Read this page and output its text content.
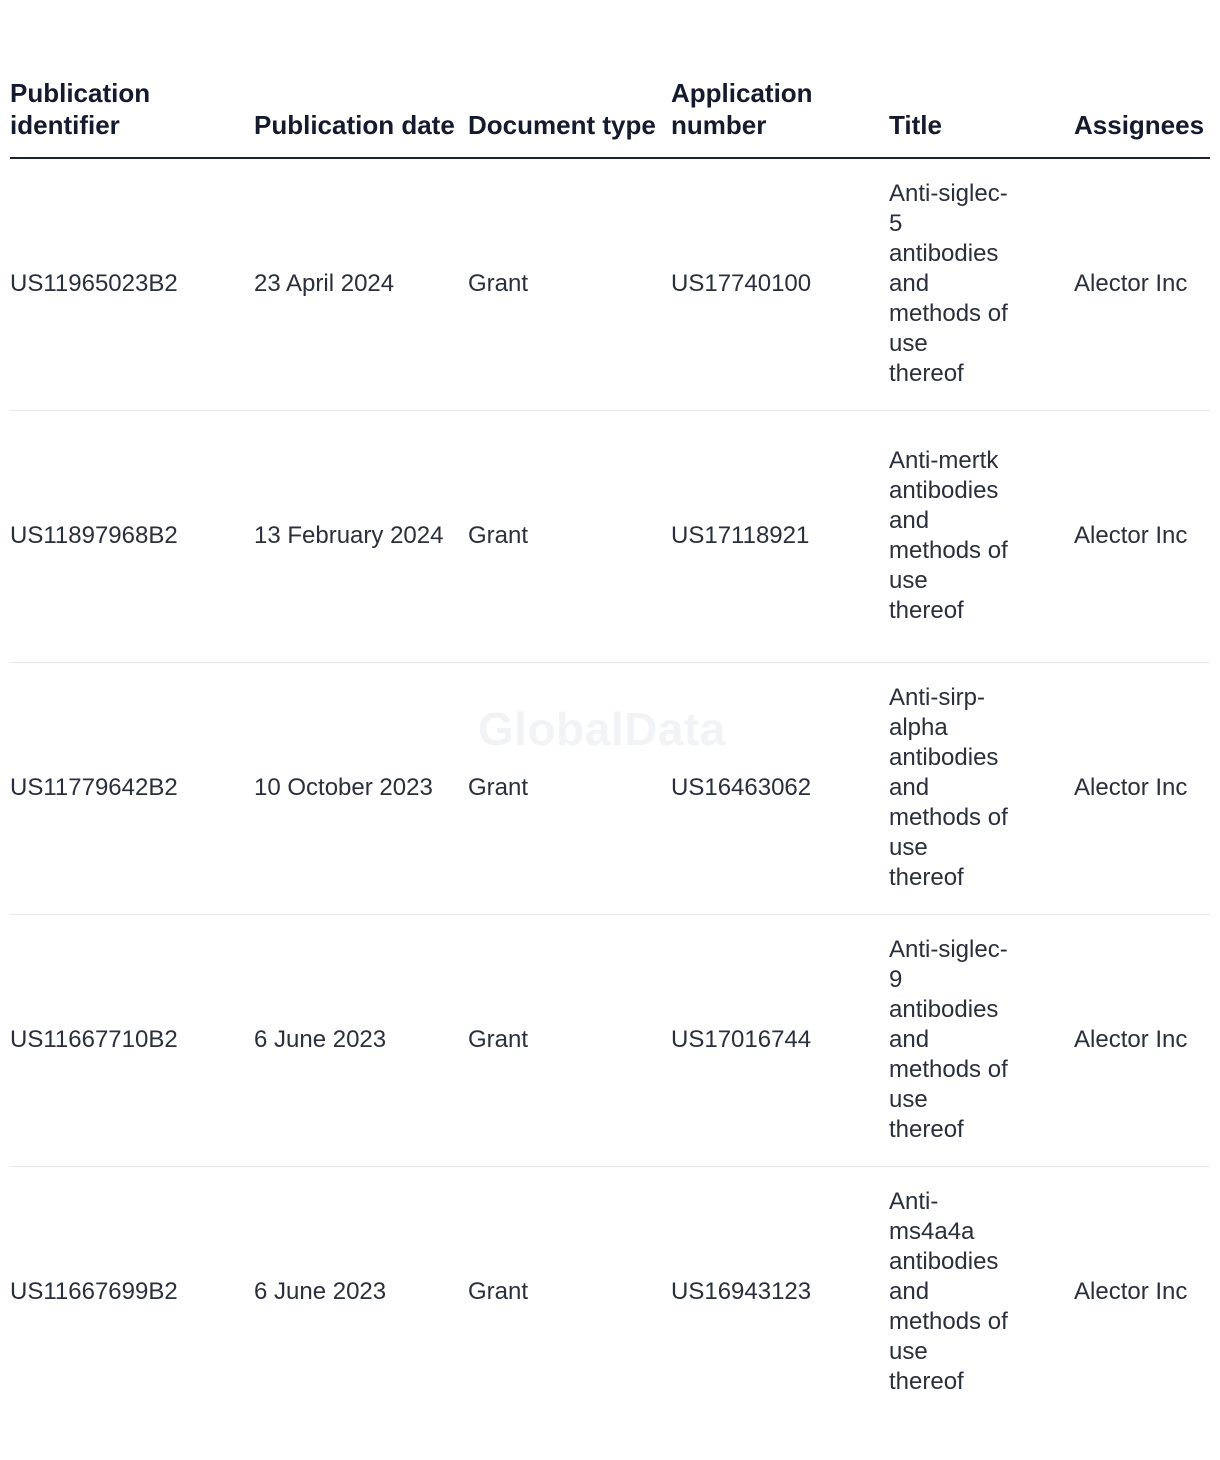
GlobalData
Publication identifier	Publication date	Document type	Application number	Title	Assignees

US11965023B2	23 April 2024	Grant	US17740100	Anti-siglec-5 antibodies and methods of use thereof	Alector Inc

US11897968B2	13 February 2024	Grant	US17118921	Anti-mertk antibodies and methods of use thereof	Alector Inc

US11779642B2	10 October 2023	Grant	US16463062	Anti-sirp-alpha antibodies and methods of use thereof	Alector Inc

US11667710B2	6 June 2023	Grant	US17016744	Anti-siglec-9 antibodies and methods of use thereof	Alector Inc

US11667699B2	6 June 2023	Grant	US16943123	Anti-ms4a4a antibodies and methods of use thereof	Alector Inc
